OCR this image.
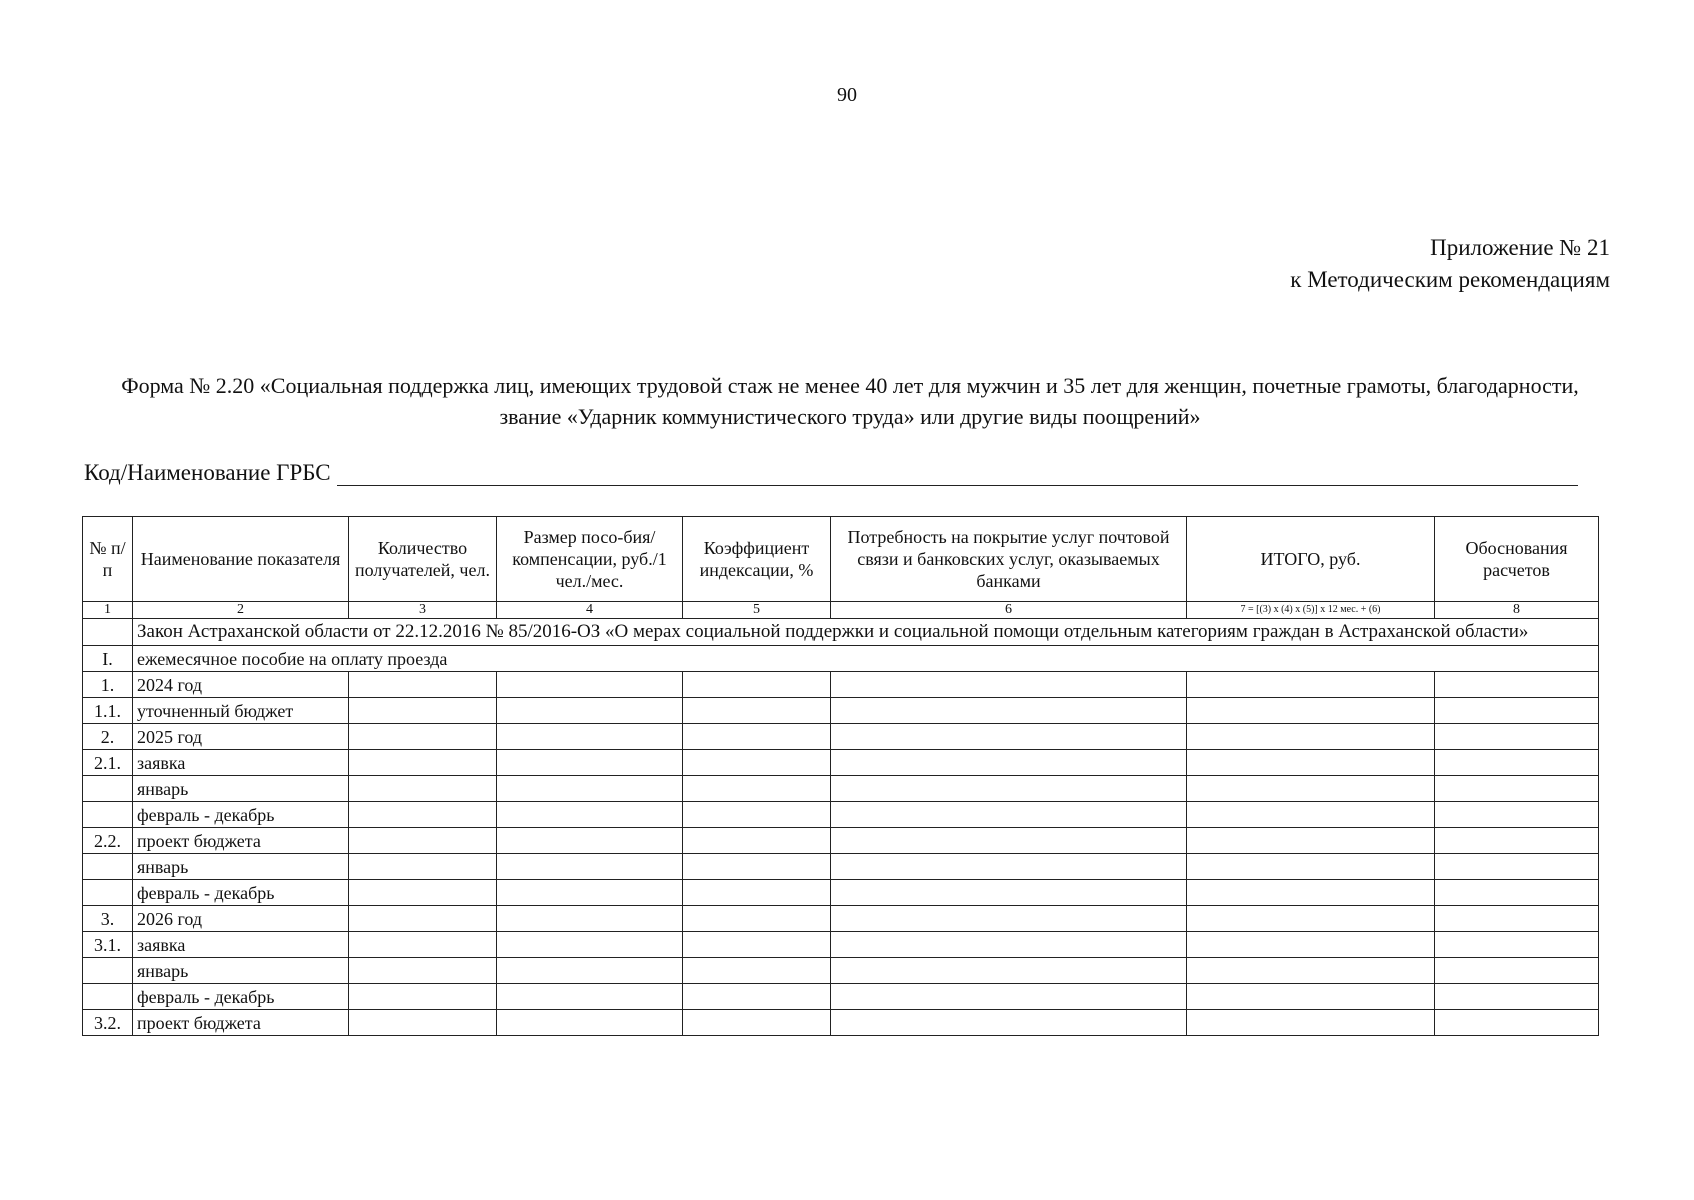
90
Приложение № 21
к Методическим рекомендациям
Форма № 2.20 «Социальная поддержка лиц, имеющих трудовой стаж не менее 40 лет для мужчин и 35 лет для женщин, почетные грамоты, благодарности, звание «Ударник коммунистического труда» или другие виды поощрений»
Код/Наименование ГРБС
№ п/п	Наименование показателя	Количество получателей, чел.	Размер посо-бия/компенсации, руб./1 чел./мес.	Коэффициент индексации, %	Потребность на покрытие услуг почтовой связи и банковских услуг, оказываемых банками	ИТОГО, руб.	Обоснования расчетов
1	2	3	4	5	6	7 = [(3) x (4) x (5)] x 12 мес. + (6)	8
	Закон Астраханской области от 22.12.2016 № 85/2016-ОЗ «О мерах социальной поддержки и социальной помощи отдельным категориям граждан в Астраханской области»						
I.	ежемесячное пособие на оплату проезда						
1.	2024 год						
1.1.	уточненный бюджет						
2.	2025 год						
2.1.	заявка						
	январь						
	февраль - декабрь						
2.2.	проект бюджета						
	январь						
	февраль - декабрь						
3.	2026 год						
3.1.	заявка						
	январь						
	февраль - декабрь						
3.2.	проект бюджета						
